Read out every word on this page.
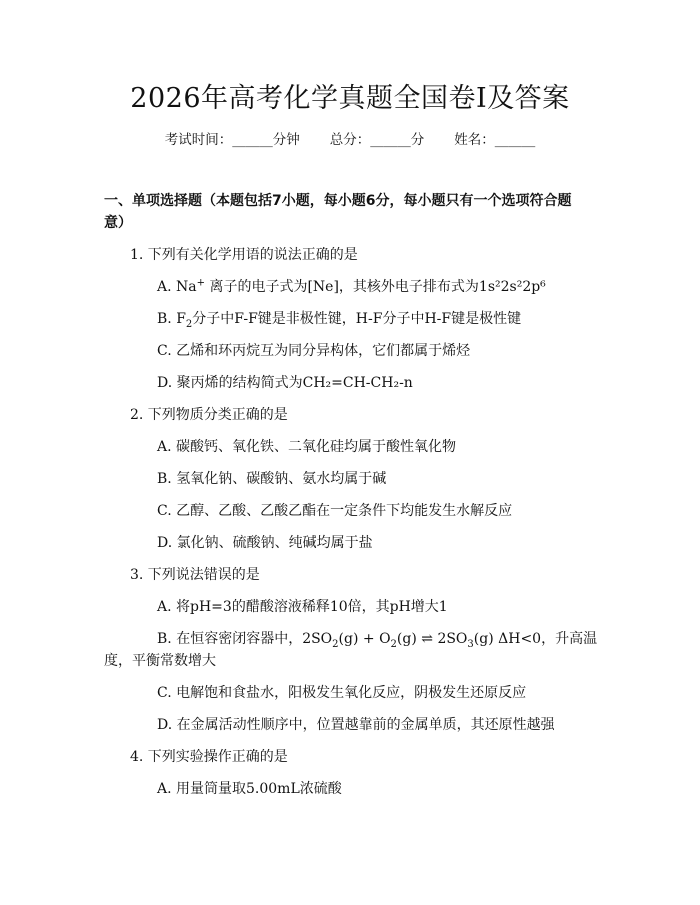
2026年高考化学真题全国卷Ⅰ及答案
考试时间：______分钟 总分：______分 姓名：______
一、单项选择题（本题包括7小题，每小题6分，每小题只有一个选项符合题意）
1. 下列有关化学用语的说法正确的是
A. Na+ 离子的电子式为[Ne]，其核外电子排布式为1s²2s²2p⁶
B. $F_2$分子中F-F键是非极性键，H-F分子中H-F键是极性键
C. 乙烯和环丙烷互为同分异构体，它们都属于烯烃
D. 聚丙烯的结构简式为CH₂=CH-CH₂-n
2. 下列物质分类正确的是
A. 碳酸钙、氧化铁、二氧化硅均属于酸性氧化物
B. 氢氧化钠、碳酸钠、氨水均属于碱
C. 乙醇、乙酸、乙酸乙酯在一定条件下均能发生水解反应
D. 氯化钠、硫酸钠、纯碱均属于盐
3. 下列说法错误的是
A. 将pH=3的醋酸溶液稀释10倍，其pH增大1
B. 在恒容密闭容器中，$2SO_2(g) + O_2(g)$ ⇌ $2SO_3(g)$ ΔH<0，升高温
度，平衡常数增大
C. 电解饱和食盐水，阳极发生氧化反应，阴极发生还原反应
D. 在金属活动性顺序中，位置越靠前的金属单质，其还原性越强
4. 下列实验操作正确的是
A. 用量筒量取5.00mL浓硫酸
